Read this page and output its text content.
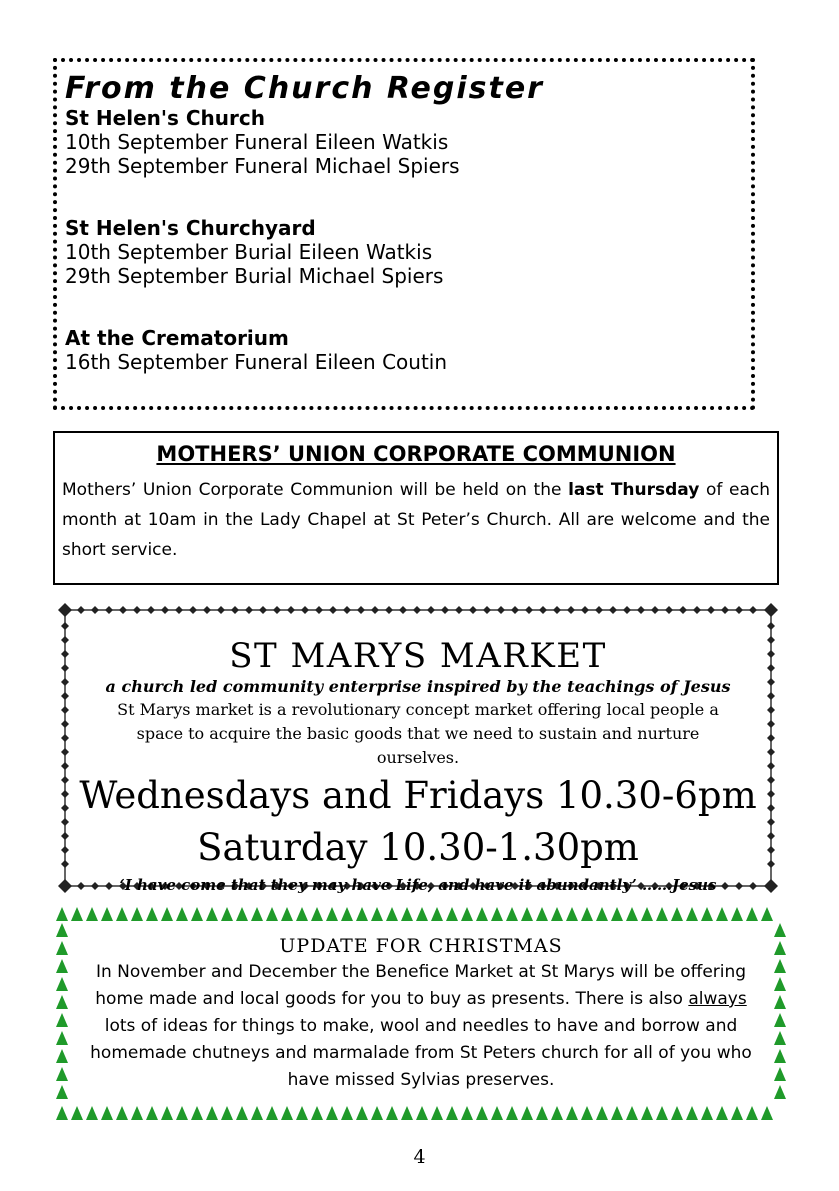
From the Church Register
St Helen's Church
10th September Funeral Eileen Watkis
29th September Funeral Michael Spiers
St Helen's Churchyard
10th September Burial Eileen Watkis
29th September Burial Michael Spiers
At the Crematorium
16th September Funeral Eileen Coutin
MOTHERS’ UNION CORPORATE COMMUNION
Mothers’ Union Corporate Communion will be held on the last Thursday of each month at 10am in the Lady Chapel at St Peter’s Church. All are welcome and the short service.
ST MARYS MARKET
a church led community enterprise inspired by the teachings of Jesus
St Marys market is a revolutionary concept market offering local people a space to acquire the basic goods that we need to sustain and nurture ourselves.
Wednesdays and Fridays 10.30-6pm
Saturday 10.30-1.30pm
‘I have come that they may have Life, and have it abundantly’ ……Jesus
UPDATE FOR CHRISTMAS
In November and December the Benefice Market at St Marys will be offering home made and local goods for you to buy as presents. There is also always lots of ideas for things to make, wool and needles to have and borrow and homemade chutneys and marmalade from St Peters church for all of you who have missed Sylvias preserves.
4
